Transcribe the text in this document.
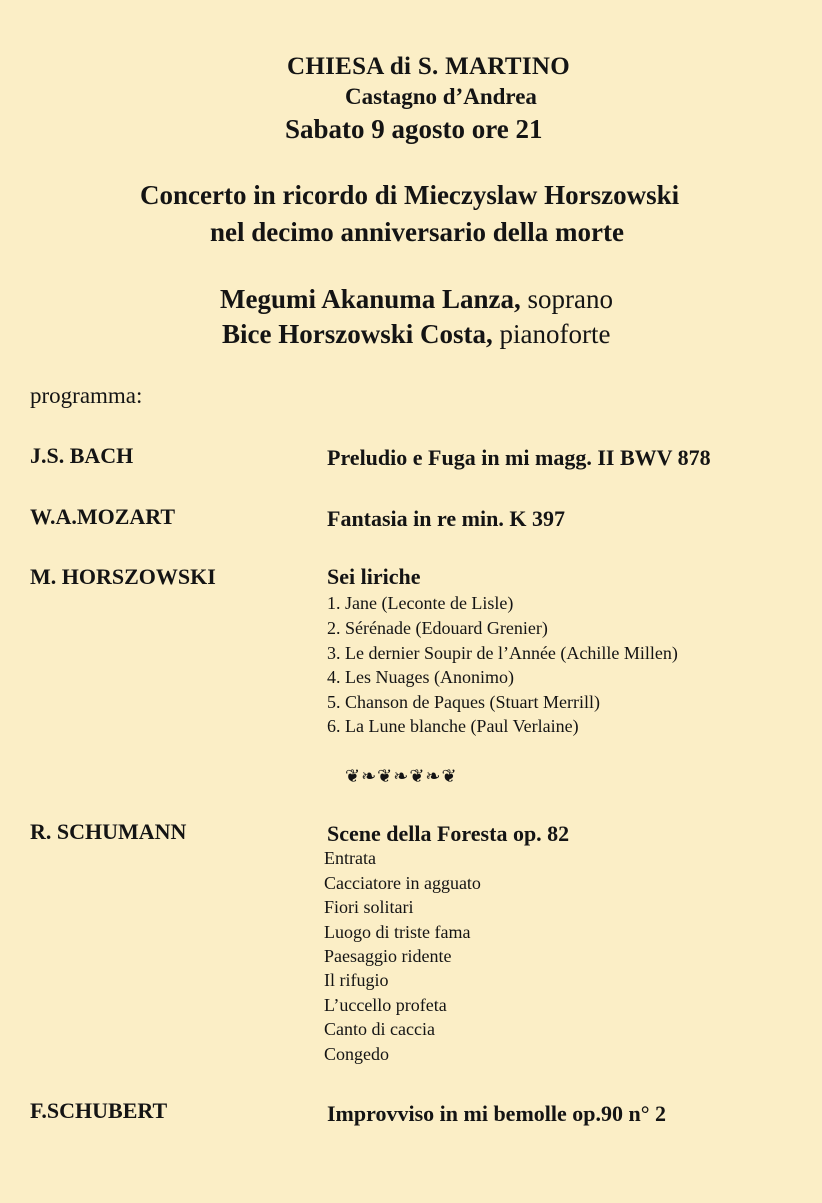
CHIESA di S. MARTINO
Castagno d’Andrea
Sabato 9 agosto ore 21
Concerto in ricordo di Mieczyslaw Horszowski
nel decimo anniversario della morte
Megumi Akanuma Lanza, soprano
Bice Horszowski Costa, pianoforte
programma:
J.S. BACH	Preludio e Fuga in mi magg. II BWV 878
W.A.MOZART	Fantasia in re min. K 397
M. HORSZOWSKI	Sei liriche
1. Jane (Leconte de Lisle)
2. Sérénade (Edouard Grenier)
3. Le dernier Soupir de l’Année (Achille Millen)
4. Les Nuages (Anonimo)
5. Chanson de Paques (Stuart Merrill)
6. La Lune blanche (Paul Verlaine)
❦❧❦❧❦❧❦
R. SCHUMANN	Scene della Foresta op. 82
Entrata
Cacciatore in agguato
Fiori solitari
Luogo di triste fama
Paesaggio ridente
Il rifugio
L’uccello profeta
Canto di caccia
Congedo
F.SCHUBERT	Improvviso in mi bemolle op.90 n° 2
